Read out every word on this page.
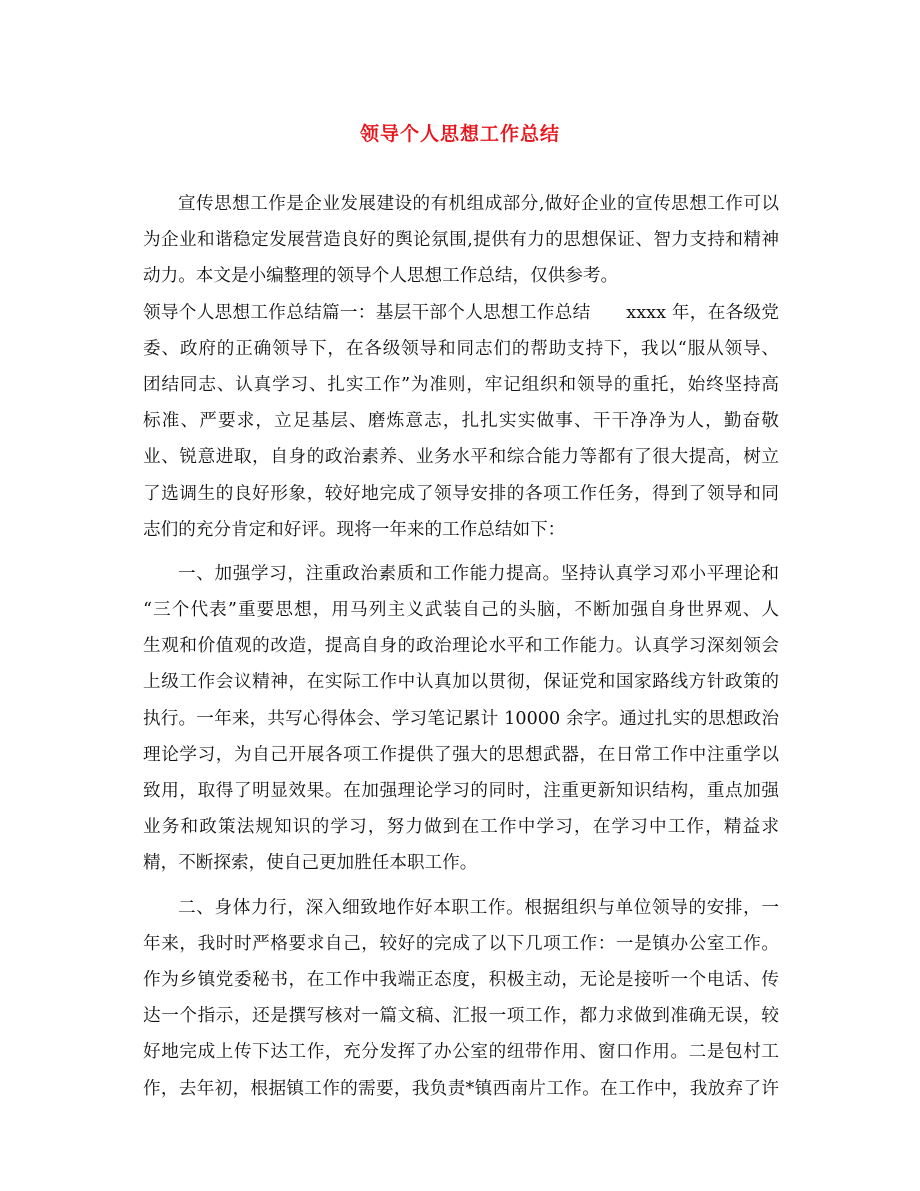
领导个人思想工作总结
宣传思想工作是企业发展建设的有机组成部分,做好企业的宣传思想工作可以
为企业和谐稳定发展营造良好的舆论氛围,提供有力的思想保证、智力支持和精神
动力。本文是小编整理的领导个人思想工作总结，仅供参考。
领导个人思想工作总结篇一：基层干部个人思想工作总结　　xxxx 年，在各级党
委、政府的正确领导下，在各级领导和同志们的帮助支持下，我以“服从领导、
团结同志、认真学习、扎实工作”为准则，牢记组织和领导的重托，始终坚持高
标准、严要求，立足基层、磨炼意志，扎扎实实做事、干干净净为人，勤奋敬
业、锐意进取，自身的政治素养、业务水平和综合能力等都有了很大提高，树立
了选调生的良好形象，较好地完成了领导安排的各项工作任务，得到了领导和同
志们的充分肯定和好评。现将一年来的工作总结如下：
一、加强学习，注重政治素质和工作能力提高。坚持认真学习邓小平理论和
“三个代表”重要思想，用马列主义武装自己的头脑，不断加强自身世界观、人
生观和价值观的改造，提高自身的政治理论水平和工作能力。认真学习深刻领会
上级工作会议精神，在实际工作中认真加以贯彻，保证党和国家路线方针政策的
执行。一年来，共写心得体会、学习笔记累计 10000 余字。通过扎实的思想政治
理论学习，为自己开展各项工作提供了强大的思想武器，在日常工作中注重学以
致用，取得了明显效果。在加强理论学习的同时，注重更新知识结构，重点加强
业务和政策法规知识的学习，努力做到在工作中学习，在学习中工作，精益求
精，不断探索，使自己更加胜任本职工作。
二、身体力行，深入细致地作好本职工作。根据组织与单位领导的安排，一
年来，我时时严格要求自己，较好的完成了以下几项工作：一是镇办公室工作。
作为乡镇党委秘书，在工作中我端正态度，积极主动，无论是接听一个电话、传
达一个指示，还是撰写核对一篇文稿、汇报一项工作，都力求做到准确无误，较
好地完成上传下达工作，充分发挥了办公室的纽带作用、窗口作用。二是包村工
作，去年初，根据镇工作的需要，我负责*镇西南片工作。在工作中，我放弃了许
